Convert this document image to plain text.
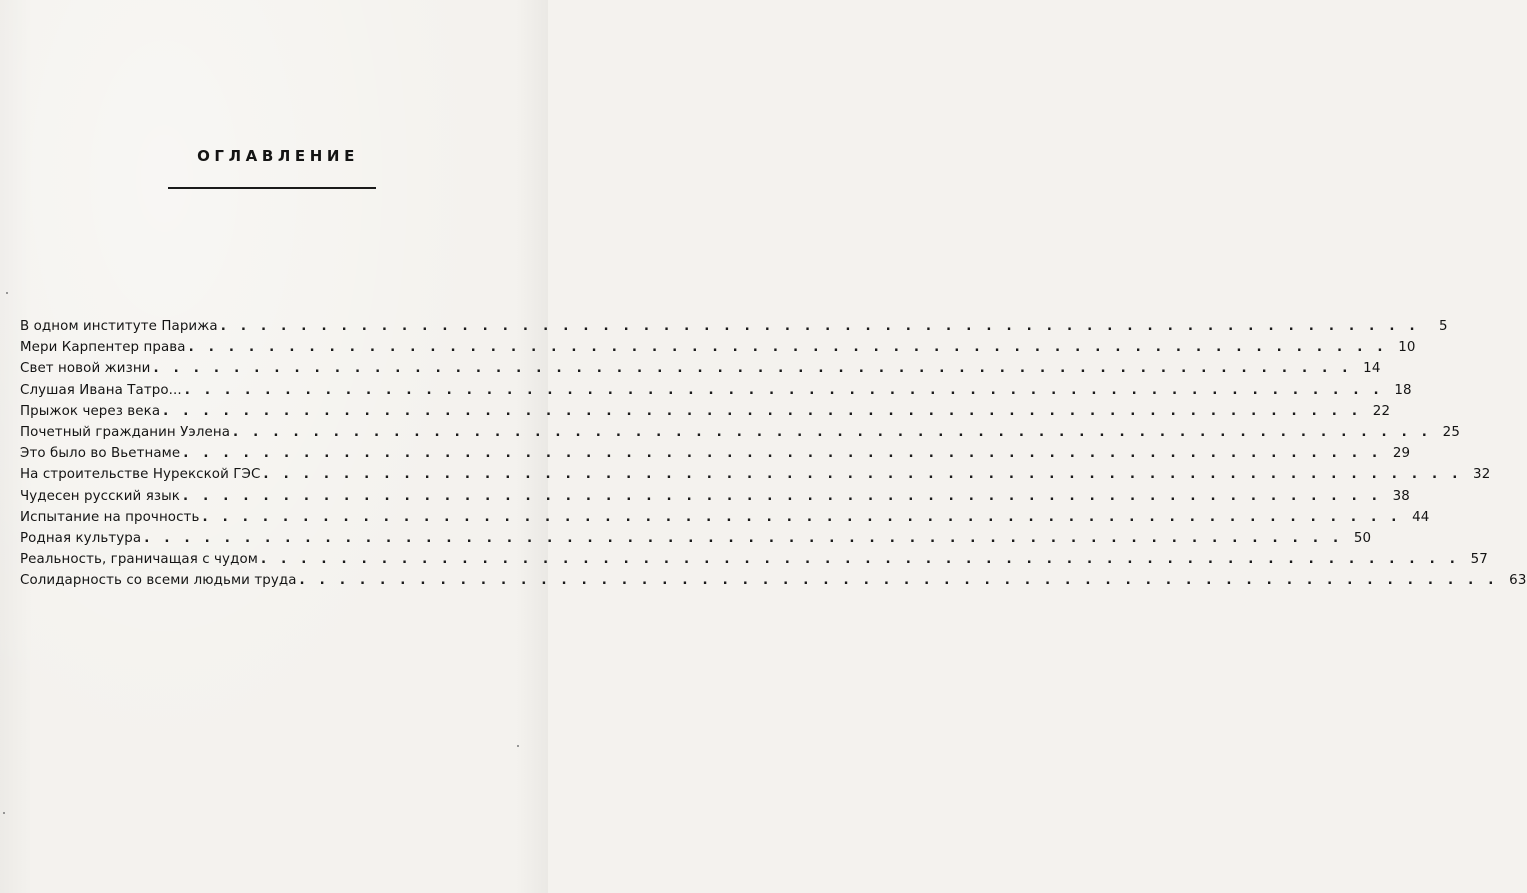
ОГЛАВЛЕНИЕ
В одном институте Парижа . . . . . . . . . . . . . . . . . . . . . . . . . . . . . . . . . . . . . . . . . . . . . . . . . . . . . . . . . . . .	5
Мери Карпентер права . . . . . . . . . . . . . . . . . . . . . . . . . . . . . . . . . . . . . . . . . . . . . . . . . . . . . . . . . . . . 10
Свет новой жизни . . . . . . . . . . . . . . . . . . . . . . . . . . . . . . . . . . . . . . . . . . . . . . . . . . . . . . . . . . . . 14
Слушая Ивана Татро... . . . . . . . . . . . . . . . . . . . . . . . . . . . . . . . . . . . . . . . . . . . . . . . . . . . . . . . . . . . . 18
Прыжок через века . . . . . . . . . . . . . . . . . . . . . . . . . . . . . . . . . . . . . . . . . . . . . . . . . . . . . . . . . . . . 22
Почетный гражданин Уэлена . . . . . . . . . . . . . . . . . . . . . . . . . . . . . . . . . . . . . . . . . . . . . . . . . . . . . . . . . . . . 25
Это было во Вьетнаме . . . . . . . . . . . . . . . . . . . . . . . . . . . . . . . . . . . . . . . . . . . . . . . . . . . . . . . . . . . . 29
На строительстве Нурекской ГЭС . . . . . . . . . . . . . . . . . . . . . . . . . . . . . . . . . . . . . . . . . . . . . . . . . . . . . . . . . . . . 32
Чудесен русский язык . . . . . . . . . . . . . . . . . . . . . . . . . . . . . . . . . . . . . . . . . . . . . . . . . . . . . . . . . . . . 38
Испытание на прочность . . . . . . . . . . . . . . . . . . . . . . . . . . . . . . . . . . . . . . . . . . . . . . . . . . . . . . . . . . . . 44
Родная культура . . . . . . . . . . . . . . . . . . . . . . . . . . . . . . . . . . . . . . . . . . . . . . . . . . . . . . . . . . . . 50
Реальность, граничащая с чудом . . . . . . . . . . . . . . . . . . . . . . . . . . . . . . . . . . . . . . . . . . . . . . . . . . . . . . . . . . . . 57
Солидарность со всеми людьми труда . . . . . . . . . . . . . . . . . . . . . . . . . . . . . . . . . . . . . . . . . . . . . . . . . . . . . . . . . . . . 63
